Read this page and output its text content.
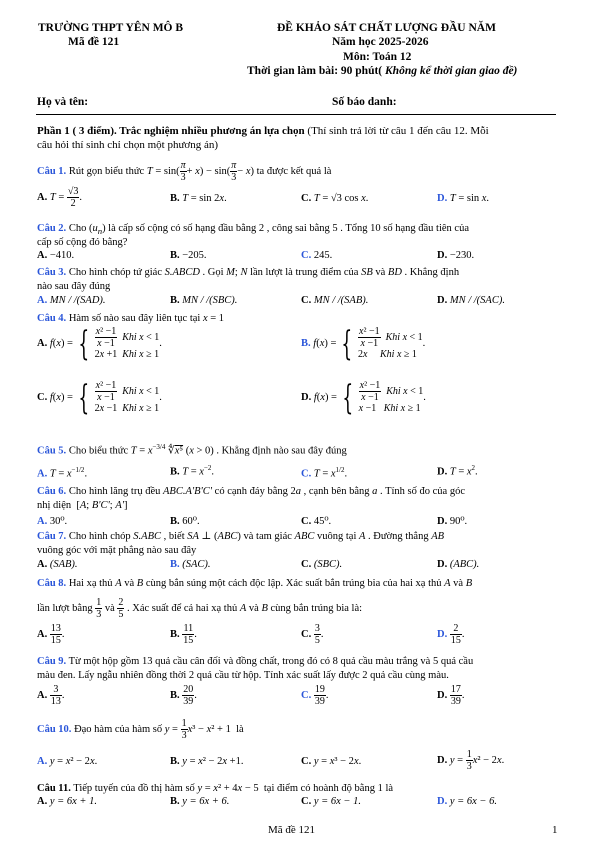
TRƯỜNG THPT YÊN MÔ B
Mã đề 121
ĐỀ KHẢO SÁT CHẤT LƯỢNG ĐẦU NĂM
Năm học 2025-2026
Môn: Toán 12
Thời gian làm bài: 90 phút( Không kể thời gian giao đề)
Họ và tên:	Số báo danh:
Phần 1 ( 3 điểm). Trắc nghiệm nhiều phương án lựa chọn (Thí sinh trả lời từ câu 1 đến câu 12. Mỗi
câu hỏi thí sinh chỉ chọn một phương án)
Câu 1. Rút gọn biểu thức $T = \sin( \frac{\pi}{3} + x) - \sin( \frac{\pi}{3} - x)$ ta được kết quả là
A. $T = \frac{√3}{2}$ .	B. T = sin 2x.	C. T = √3 cos x.	D. T = sin x.
Câu 2. Cho $(u_n)$ là cấp số cộng có số hạng đầu bằng 2 , công sai bằng 5 . Tổng 10 số hạng đầu tiên của
cấp số cộng đó bằng?
A. −410.	B. −205.	C. 245.	D. −230.
Câu 3. Cho hình chóp tứ giác S.ABCD . Gọi M; N lần lượt là trung điểm của SB và BD . Khẳng định
nào sau đây đúng
A. MN / /(SAD).	B. MN / /(SBC).	C. MN / /(SAB).	D. MN / /(SAC).
Câu 4. Hàm số nào sau đây liên tục tại x = 1
A. f(x) = { $\frac{\text{x² −1}}{x -1}$ Khi x < 1
2x +1  Khi x ≥ 1.	B. f(x) = { $\frac{\text{x² −1}}{x -1}$ Khi x < 1
2x Khi x ≥ 1.
C. f(x) = { $\frac{\text{x² −1}}{x -1}$ Khi x < 1
2x −1  Khi x ≥ 1.	D. f(x) = { $\frac{\text{x² −1}}{x -1}$ Khi x < 1
x −1   Khi x ≥ 1.
Câu 5. Cho biểu thức $T = x^{-3/4}$ ∜x⁵ (x > 0) . Khẳng định nào sau đây đúng
A. $T = x^{-1/2}$.	B. $T = x^{-2}$.	C. $T = x^{1/2}$.	D. $T = x^2$.
Câu 6. Cho hình lăng trụ đều ABC.A'B'C' có cạnh đáy bằng 2a , cạnh bên bằng a . Tính số đo của góc
nhị diện  [A; B'C'; A']
A. 30⁰.	B. 60⁰.	C. 45⁰.	D. 90⁰.
Câu 7. Cho hình chóp S.ABC , biết SA ⊥ (ABC) và tam giác ABC vuông tại A . Đường thẳng AB
vuông góc với mặt phẳng nào sau đây
A. (SAB).	B. (SAC).	C. (SBC).	D. (ABC).
Câu 8. Hai xạ thủ A và B cùng bắn súng một cách độc lập. Xác suất bắn trúng bia của hai xạ thủ A và B
lần lượt bằng $\frac{1}{3}$ và $\frac{2}{5}$ . Xác suất để cả hai xạ thủ A và B cùng bắn trúng bia là:
A. $\frac{13}{15}$ .	B. $\frac{11}{15}$ .	C. $\frac{3}{5}$ .	D. $\frac{2}{15}$ .
Câu 9. Từ một hộp gồm 13 quả cầu cân đối và đồng chất, trong đó có 8 quả cầu màu trắng và 5 quả cầu
màu đen. Lấy ngẫu nhiên đồng thời 2 quả cầu từ hộp. Tính xác suất lấy được 2 quả cầu cùng màu.
A. $\frac{3}{13}$ .	B. $\frac{20}{39}$ .	C. $\frac{19}{39}$ .	D. $\frac{17}{39}$ .
Câu 10. Đạo hàm của hàm số $y = \frac{1}{3} x^3 - x^2 + 1$  là
A. y = x² − 2x.	B. y = x² − 2x +1.	C. y = x³ − 2x.	D. $y = \frac{1}{3} x^2 - 2x$.
Câu 11. Tiếp tuyến của đồ thị hàm số y = x² + 4x − 5  tại điểm có hoành độ bằng 1 là
A. y = 6x + 1.	B. y = 6x + 6.	C. y = 6x − 1.	D. y = 6x − 6.
Mã đề 121	1
